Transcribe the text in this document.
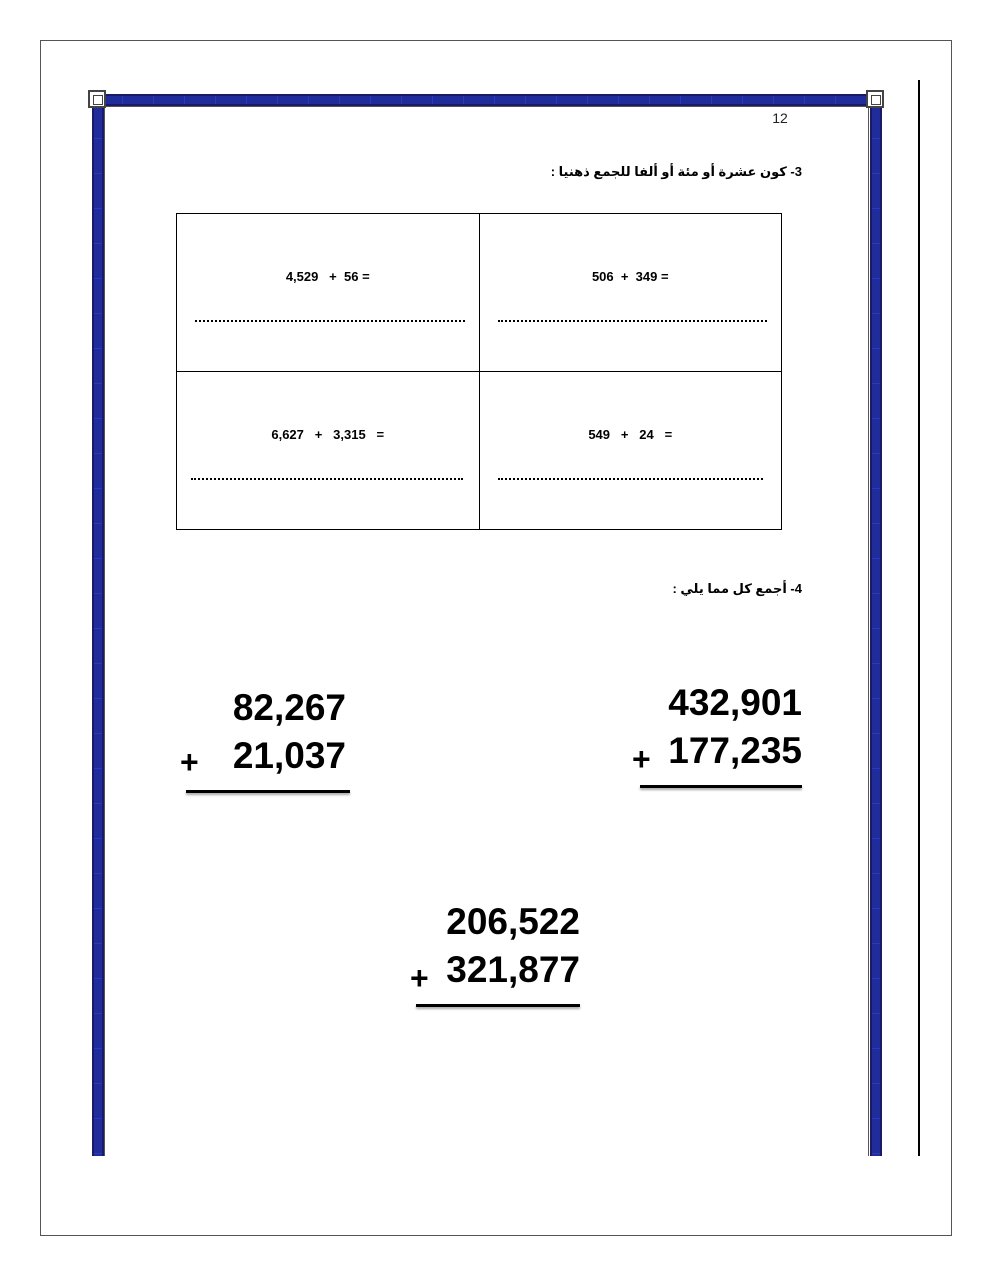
12
3- كون عشرة أو مئة أو ألفا للجمع ذهنيا :
4,529   +  56 =	506  +  349 =

6,627   +   3,315   =	549   +   24   =
4- أجمع كل مما يلي :
432,901
+ 177,235
82,267
+ 21,037
206,522
+ 321,877
